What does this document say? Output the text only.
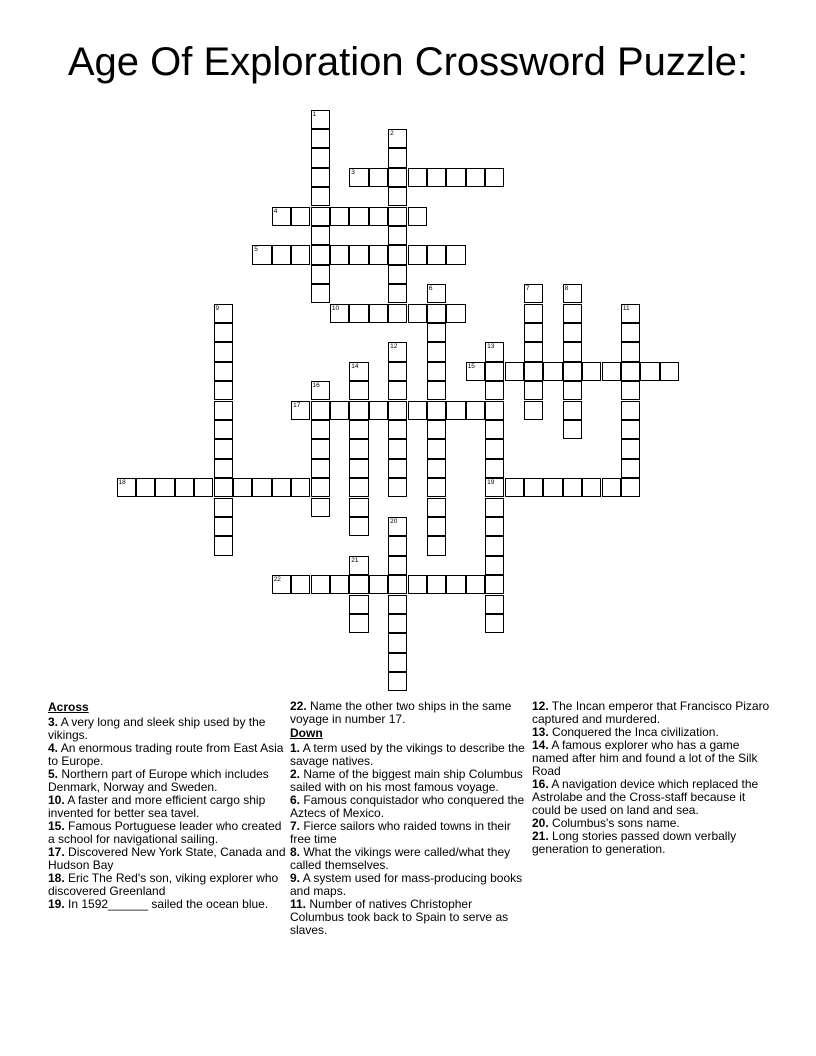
Age Of Exploration Crossword Puzzle:
1
2
3
4
5
6	7	8
9	10	11
12	13
19
14	15
16
17
18
20
21
22
Across
3. A very long and sleek ship used by the vikings.
4. An enormous trading route from East Asia to Europe.
5. Northern part of Europe which includes Denmark, Norway and Sweden.
10. A faster and more efficient cargo ship invented for better sea tavel.
15. Famous Portuguese leader who created a school for navigational sailing.
17. Discovered New York State, Canada and Hudson Bay
18. Eric The Red's son, viking explorer who discovered Greenland
19. In 1592______ sailed the ocean blue.
22. Name the other two ships in the same voyage in number 17.
Down
1. A term used by the vikings to describe the savage natives.
2. Name of the biggest main ship Columbus sailed with on his most famous voyage.
6. Famous conquistador who conquered the Aztecs of Mexico.
7. Fierce sailors who raided towns in their free time
8. What the vikings were called/what they called themselves.
9. A system used for mass-producing books and maps.
11. Number of natives Christopher Columbus took back to Spain to serve as slaves.
12. The Incan emperor that Francisco Pizaro captured and murdered.
13. Conquered the Inca civilization.
14. A famous explorer who has a game named after him and found a lot of the Silk Road
16. A navigation device which replaced the Astrolabe and the Cross-staff because it could be used on land and sea.
20. Columbus's sons name.
21. Long stories passed down verbally generation to generation.
